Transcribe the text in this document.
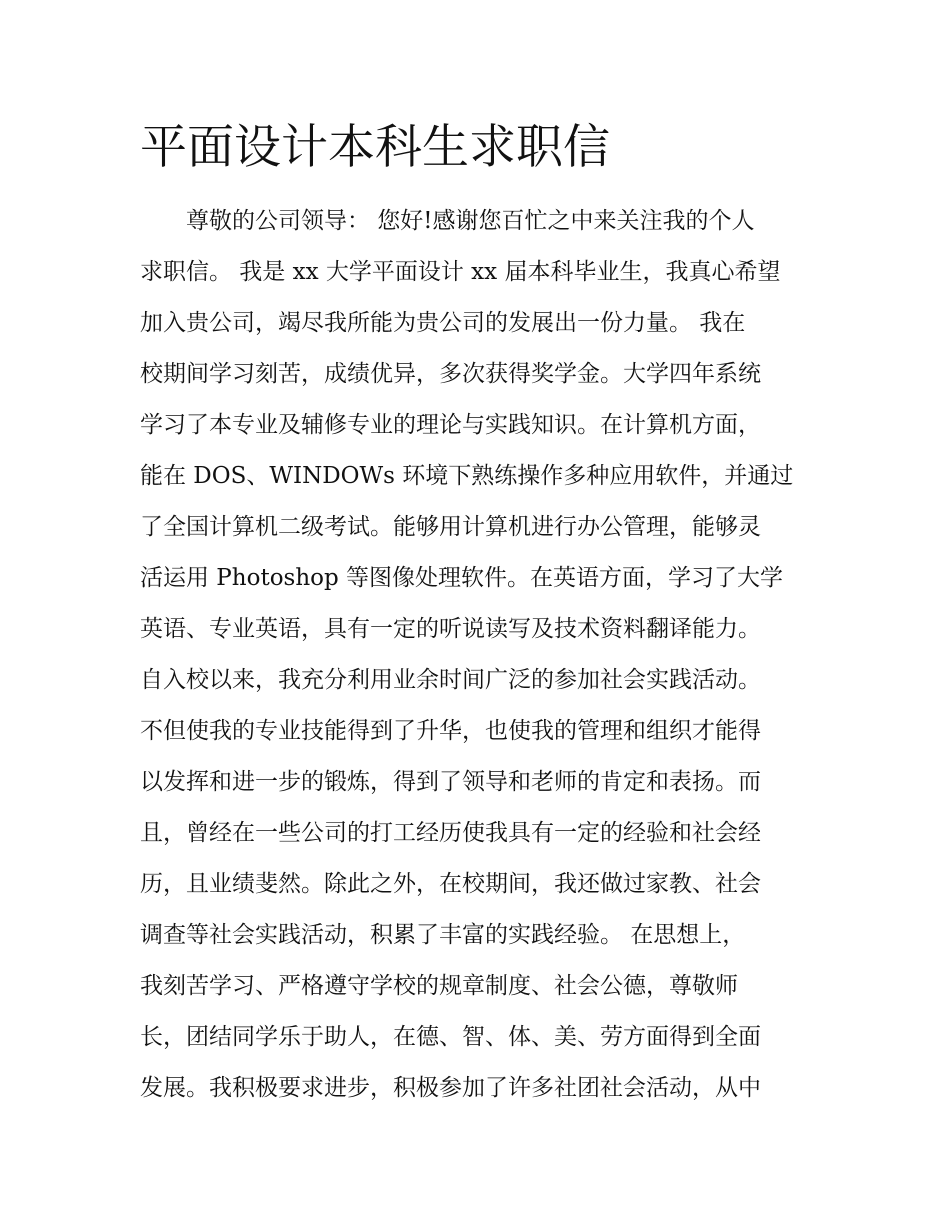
平面设计本科生求职信
尊敬的公司领导： 您好!感谢您百忙之中来关注我的个人
求职信。 我是 xx 大学平面设计 xx 届本科毕业生，我真心希望
加入贵公司，竭尽我所能为贵公司的发展出一份力量。 我在
校期间学习刻苦，成绩优异，多次获得奖学金。大学四年系统
学习了本专业及辅修专业的理论与实践知识。在计算机方面，
能在 DOS、WINDOWs 环境下熟练操作多种应用软件，并通过
了全国计算机二级考试。能够用计算机进行办公管理，能够灵
活运用 Photoshop 等图像处理软件。在英语方面，学习了大学
英语、专业英语，具有一定的听说读写及技术资料翻译能力。
自入校以来，我充分利用业余时间广泛的参加社会实践活动。
不但使我的专业技能得到了升华，也使我的管理和组织才能得
以发挥和进一步的锻炼，得到了领导和老师的肯定和表扬。而
且，曾经在一些公司的打工经历使我具有一定的经验和社会经
历，且业绩斐然。除此之外，在校期间，我还做过家教、社会
调查等社会实践活动，积累了丰富的实践经验。 在思想上，
我刻苦学习、严格遵守学校的规章制度、社会公德，尊敬师
长，团结同学乐于助人，在德、智、体、美、劳方面得到全面
发展。我积极要求进步，积极参加了许多社团社会活动，从中
